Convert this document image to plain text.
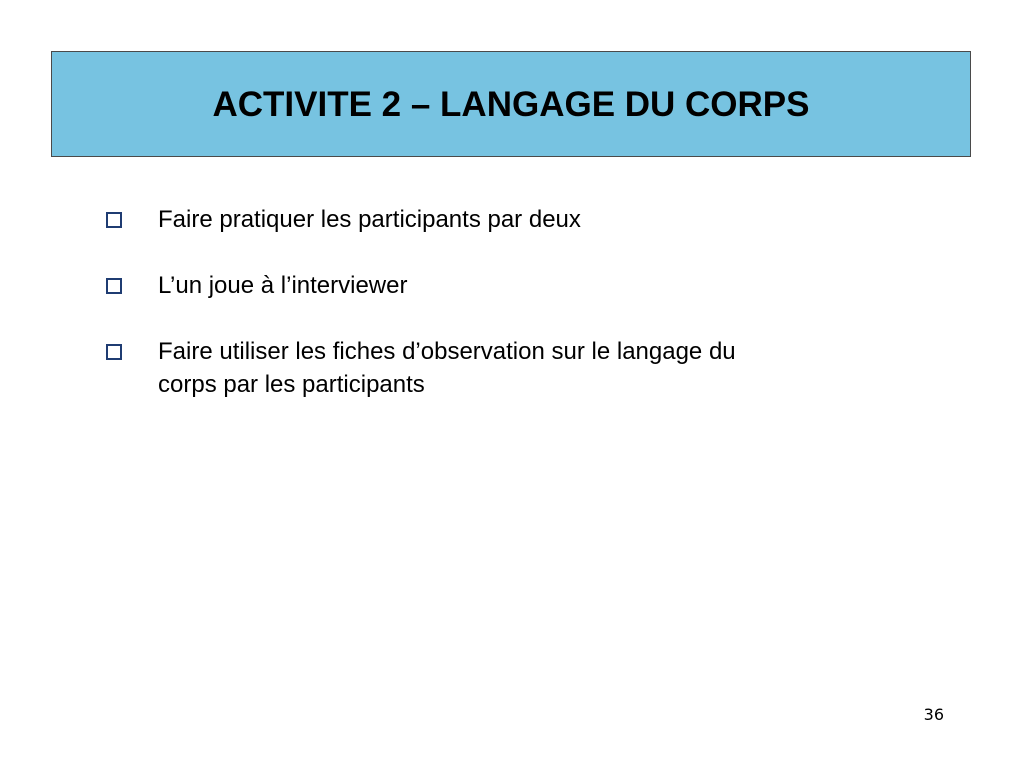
ACTIVITE 2 – LANGAGE DU CORPS
Faire pratiquer les participants par deux
L’un joue à l’interviewer
Faire utiliser les fiches d’observation sur le langage du corps par les participants
36
